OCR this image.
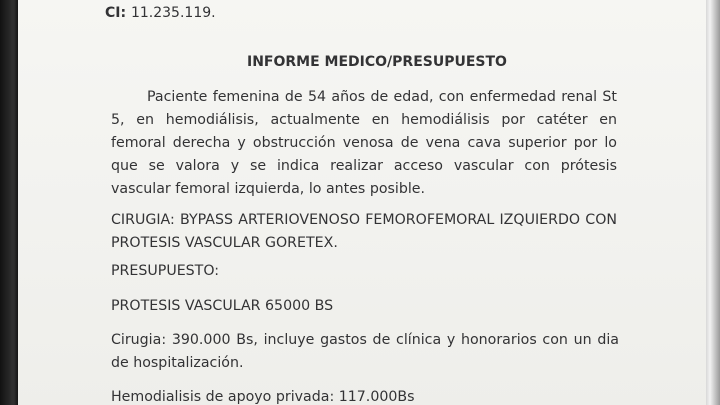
CI: 11.235.119.
INFORME MEDICO/PRESUPUESTO
Paciente femenina de 54 años de edad, con enfermedad renal St 5, en hemodiálisis, actualmente en hemodiálisis por catéter en femoral derecha y obstrucción venosa de vena cava superior por lo que se valora y se indica realizar acceso vascular con prótesis vascular femoral izquierda, lo antes posible.
CIRUGIA: BYPASS ARTERIOVENOSO FEMOROFEMORAL IZQUIERDO CON PROTESIS VASCULAR GORETEX.
PRESUPUESTO:
PROTESIS VASCULAR 65000 BS
Cirugia: 390.000 Bs, incluye gastos de clínica y honorarios con un dia de hospitalización.
Hemodialisis de apoyo privada: 117.000Bs
